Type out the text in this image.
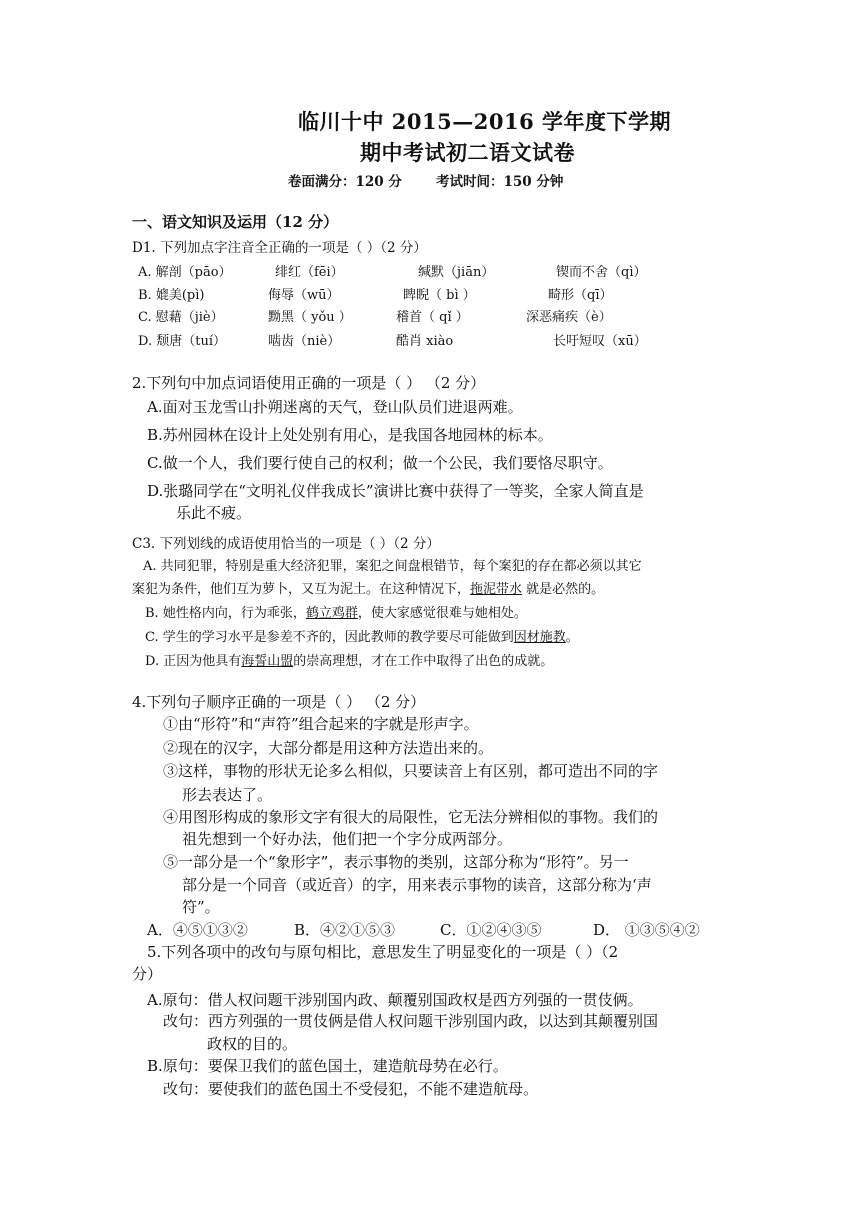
临川十中 2015—2016 学年度下学期
期中考试初二语文试卷
卷面满分：120 分	考试时间：150 分钟
一、语文知识及运用（12 分）
D1. 下列加点字注音全正确的一项是（ ）（2 分）
A. 解剖（pāo）	绯红（fēi）	缄默（jiān）	锲而不舍（qì）
B. 媲美(pì)	侮辱（wū）	睥睨（ bì ）	畸形（qī）
C. 慰藉（jiè）	黝黑（ yǒu ）	稽首（ qǐ ）	深恶痛疾（è）
D. 颓唐（tuí）	啮齿（niè）	酷肖 xiào	长吁短叹（xū）
2.下列句中加点词语使用正确的一项是（ ） （2 分）
A.面对玉龙雪山扑朔迷离的天气，登山队员们进退两难。
B.苏州园林在设计上处处别有用心，是我国各地园林的标本。
C.做一个人，我们要行使自己的权利；做一个公民，我们要恪尽职守。
D.张璐同学在“文明礼仪伴我成长”演讲比赛中获得了一等奖，全家人简直是
乐此不疲。
C3. 下列划线的成语使用恰当的一项是（ ）（2 分）
A. 共同犯罪，特别是重大经济犯罪，案犯之间盘根错节，每个案犯的存在都必须以其它
案犯为条件，他们互为萝卜，又互为泥土。在这种情况下，拖泥带水 就是必然的。
B. 她性格内向，行为乖张，鹤立鸡群，使大家感觉很难与她相处。
C. 学生的学习水平是参差不齐的，因此教师的教学要尽可能做到因材施教。
D. 正因为他具有海誓山盟的崇高理想，才在工作中取得了出色的成就。
4.下列句子顺序正确的一项是（ ） （2 分）
①由“形符”和“声符”组合起来的字就是形声字。
②现在的汉字，大部分都是用这种方法造出来的。
③这样，事物的形状无论多么相似，只要读音上有区别，都可造出不同的字
形去表达了。
④用图形构成的象形文字有很大的局限性，它无法分辨相似的事物。我们的
祖先想到一个好办法，他们把一个字分成两部分。
⑤一部分是一个“象形字”，表示事物的类别，这部分称为“形符”。另一
部分是一个同音（或近音）的字，用来表示事物的读音，这部分称为‘声
符”。
A．④⑤①③②	B．④②①⑤③	C．①②④③⑤	D． ①③⑤④②
5.下列各项中的改句与原句相比，意思发生了明显变化的一项是（ ）（2
分）
A.原句：借人权问题干涉别国内政、颠覆别国政权是西方列强的一贯伎俩。
改句：西方列强的一贯伎俩是借人权问题干涉别国内政，以达到其颠覆别国
政权的目的。
B.原句：要保卫我们的蓝色国土，建造航母势在必行。
改句：要使我们的蓝色国土不受侵犯，不能不建造航母。
